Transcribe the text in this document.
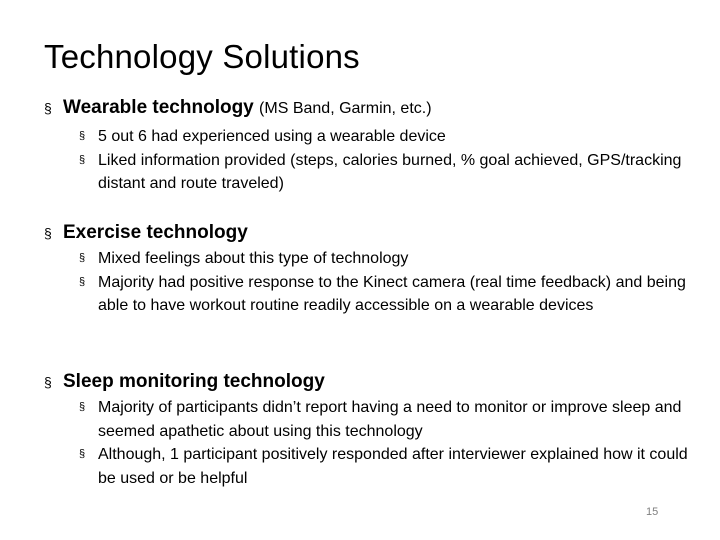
Technology Solutions
§ Wearable technology (MS Band, Garmin, etc.)
§ 5 out 6 had experienced using a wearable device
§ Liked information provided (steps, calories burned, % goal achieved, GPS/tracking distant and route traveled)
§ Exercise technology
§ Mixed feelings about this type of technology
§ Majority had positive response to the Kinect camera (real time feedback) and being able to have workout routine readily accessible on a wearable devices
§ Sleep monitoring technology
§ Majority of participants didn’t report having a need to monitor or improve sleep and seemed apathetic about using this technology
§ Although, 1 participant positively responded after interviewer explained how it could be used or be helpful
15
